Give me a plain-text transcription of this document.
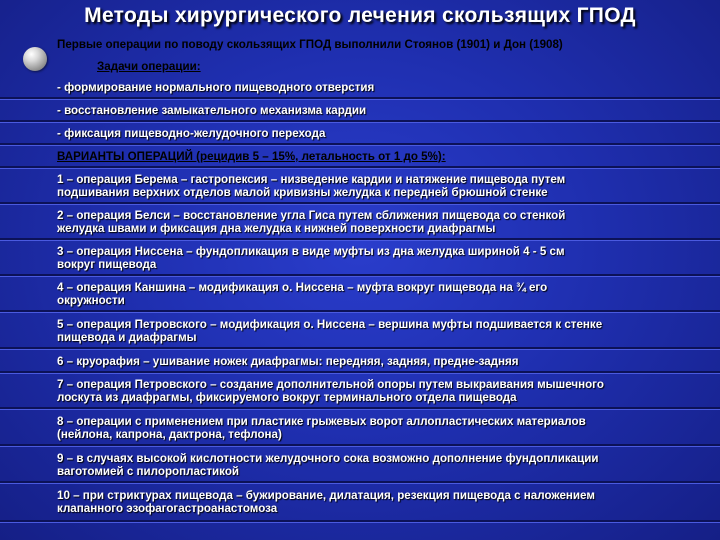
Методы хирургического лечения скользящих ГПОД
Первые операции по поводу скользящих ГПОД выполнили Стоянов (1901) и Дон (1908)
Задачи операции:
- формирование нормального пищеводного отверстия
- восстановление замыкательного механизма кардии
- фиксация пищеводно-желудочного перехода
ВАРИАНТЫ ОПЕРАЦИЙ (рецидив 5 – 15%, летальность от 1 до 5%):
1 – операция Берема – гастропексия – низведение кардии и натяжение пищевода путем
подшивания верхних отделов малой кривизны желудка к передней брюшной стенке
2 – операция Белси – восстановление угла Гиса путем сближения пищевода со стенкой
желудка швами и фиксация дна желудка к нижней поверхности диафрагмы
3 – операция Ниссена – фундопликация в виде муфты из дна желудка шириной 4 - 5 см
вокруг пищевода
4 – операция Каншина – модификация о. Ниссена – муфта вокруг пищевода на ¾ его
окружности
5 – операция Петровского – модификация о. Ниссена – вершина муфты подшивается к стенке
пищевода и диафрагмы
6 – круорафия – ушивание ножек диафрагмы: передняя, задняя, предне-задняя
7 – операция Петровского – создание дополнительной опоры путем выкраивания мышечного
лоскута из диафрагмы, фиксируемого вокруг терминального отдела пищевода
8 – операции с применением при пластике грыжевых ворот аллопластических материалов
(нейлона, капрона, дактрона, тефлона)
9 – в случаях высокой кислотности желудочного сока возможно дополнение фундопликации
ваготомией с пилоропластикой
10 – при стриктурах пищевода – бужирование, дилатация, резекция пищевода с наложением
клапанного эзофагогастроанастомоза
